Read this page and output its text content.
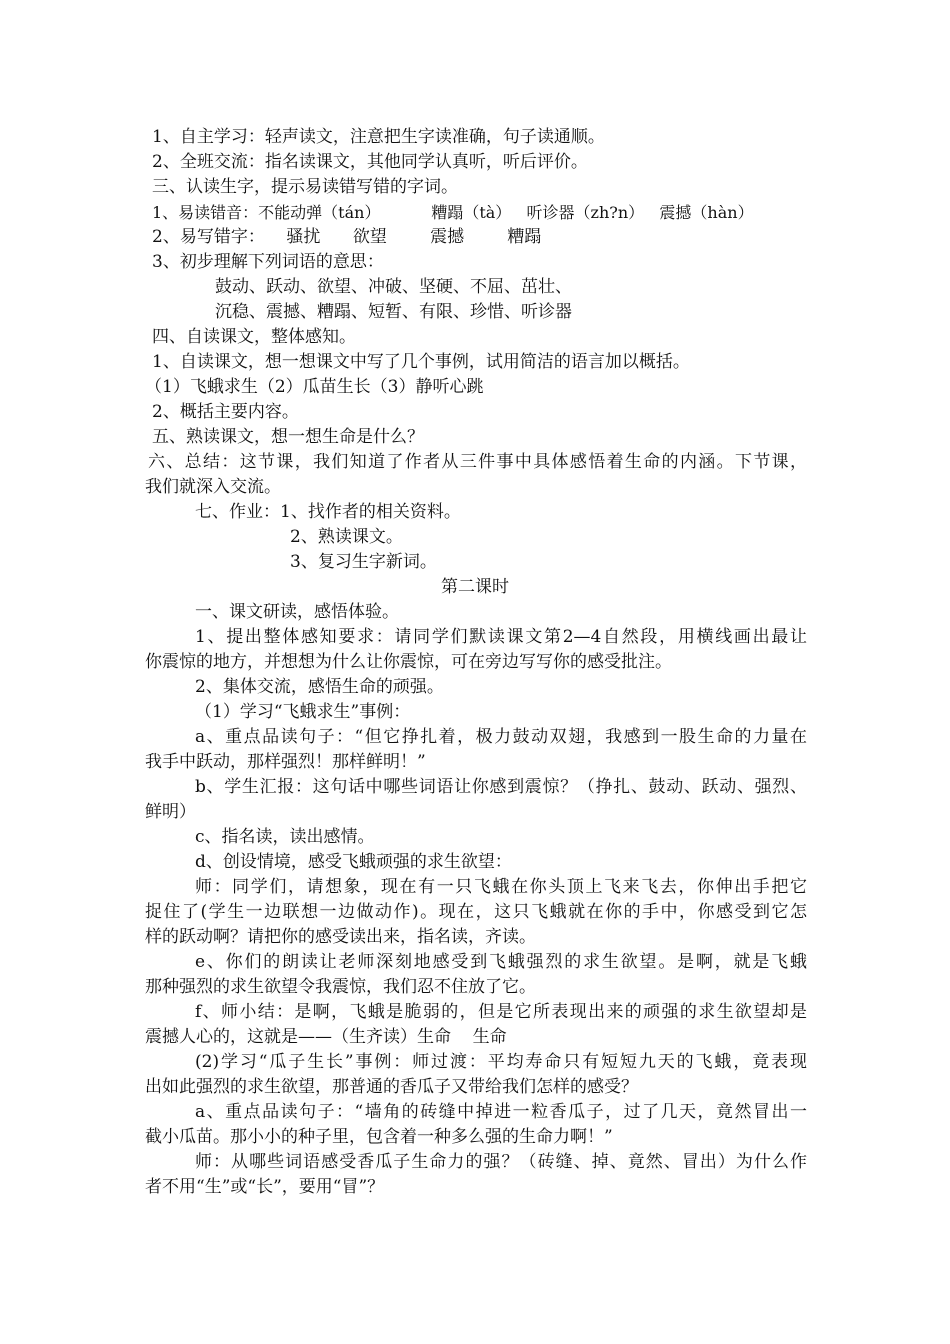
1、自主学习：轻声读文，注意把生字读准确，句子读通顺。
2、全班交流：指名读课文，其他同学认真听，听后评价。
三、认读生字，提示易读错写错的字词。
1、易读错音：不能动弹（tán）          糟蹋（tà）   听诊器（zh?n）   震撼（hàn）
2、易写错字：    骚扰      欲望        震撼        糟蹋
3、初步理解下列词语的意思：
鼓动、跃动、欲望、冲破、坚硬、不屈、茁壮、
沉稳、震撼、糟蹋、短暂、有限、珍惜、听诊器
四、自读课文，整体感知。
1、自读课文，想一想课文中写了几个事例，试用简洁的语言加以概括。
（1）飞蛾求生（2）瓜苗生长（3）静听心跳
2、概括主要内容。
五、熟读课文，想一想生命是什么？
六、总结：这节课，我们知道了作者从三件事中具体感悟着生命的内涵。下节课，
我们就深入交流。
七、作业：1、找作者的相关资料。
2、熟读课文。
3、复习生字新词。
第二课时
一、课文研读，感悟体验。
1、提出整体感知要求：请同学们默读课文第2—4自然段，用横线画出最让
你震惊的地方，并想想为什么让你震惊，可在旁边写写你的感受批注。
2、集体交流，感悟生命的顽强。
（1）学习“飞蛾求生”事例：
a、重点品读句子：“但它挣扎着，极力鼓动双翅，我感到一股生命的力量在
我手中跃动，那样强烈！那样鲜明！”
b、学生汇报：这句话中哪些词语让你感到震惊？（挣扎、鼓动、跃动、强烈、
鲜明）
c、指名读，读出感情。
d、创设情境，感受飞蛾顽强的求生欲望：
师：同学们，请想象，现在有一只飞蛾在你头顶上飞来飞去，你伸出手把它
捉住了(学生一边联想一边做动作)。现在，这只飞蛾就在你的手中，你感受到它怎
样的跃动啊？请把你的感受读出来，指名读，齐读。
e、你们的朗读让老师深刻地感受到飞蛾强烈的求生欲望。是啊，就是飞蛾
那种强烈的求生欲望令我震惊，我们忍不住放了它。
f、师小结：是啊，飞蛾是脆弱的，但是它所表现出来的顽强的求生欲望却是
震撼人心的，这就是——（生齐读）生命    生命
(2)学习“瓜子生长”事例：师过渡：平均寿命只有短短九天的飞蛾，竟表现
出如此强烈的求生欲望，那普通的香瓜子又带给我们怎样的感受？
a、重点品读句子：“墙角的砖缝中掉进一粒香瓜子，过了几天，竟然冒出一
截小瓜苗。那小小的种子里，包含着一种多么强的生命力啊！”
师：从哪些词语感受香瓜子生命力的强？（砖缝、掉、竟然、冒出）为什么作
者不用“生”或“长”，要用“冒”？
